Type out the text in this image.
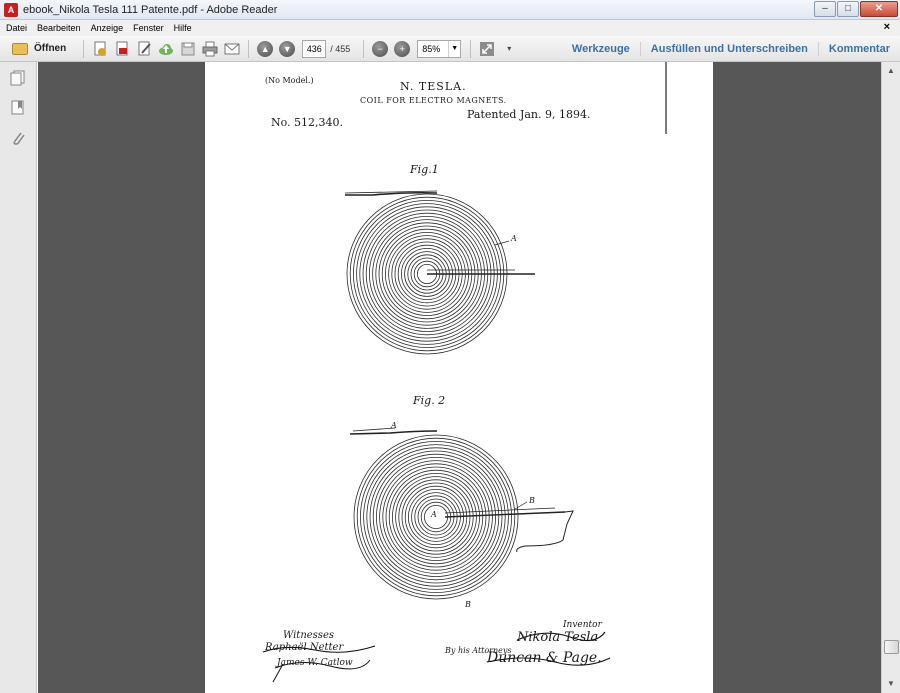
A ebook_Nikola Tesla 111 Patente.pdf - Adobe Reader	–	□	✕
Datei Bearbeiten Anzeige Fenster Hilfe	×
Öffnen	▲	▼	436 / 455	−	+	85%	▼	▾	Werkzeuge	Ausfüllen und Unterschreiben	Kommentar
(No Model.)	N. TESLA.
COIL FOR ELECTRO MAGNETS.
No. 512,340.
Patented Jan. 9, 1894.
Fig.1
A
Fig. 2
A
A
B
B
Witnesses
Inventor
By his Attorneys
Raphaël Netter
James W. Catlow
Nikola Tesla
Duncan & Page.
▲
▼
